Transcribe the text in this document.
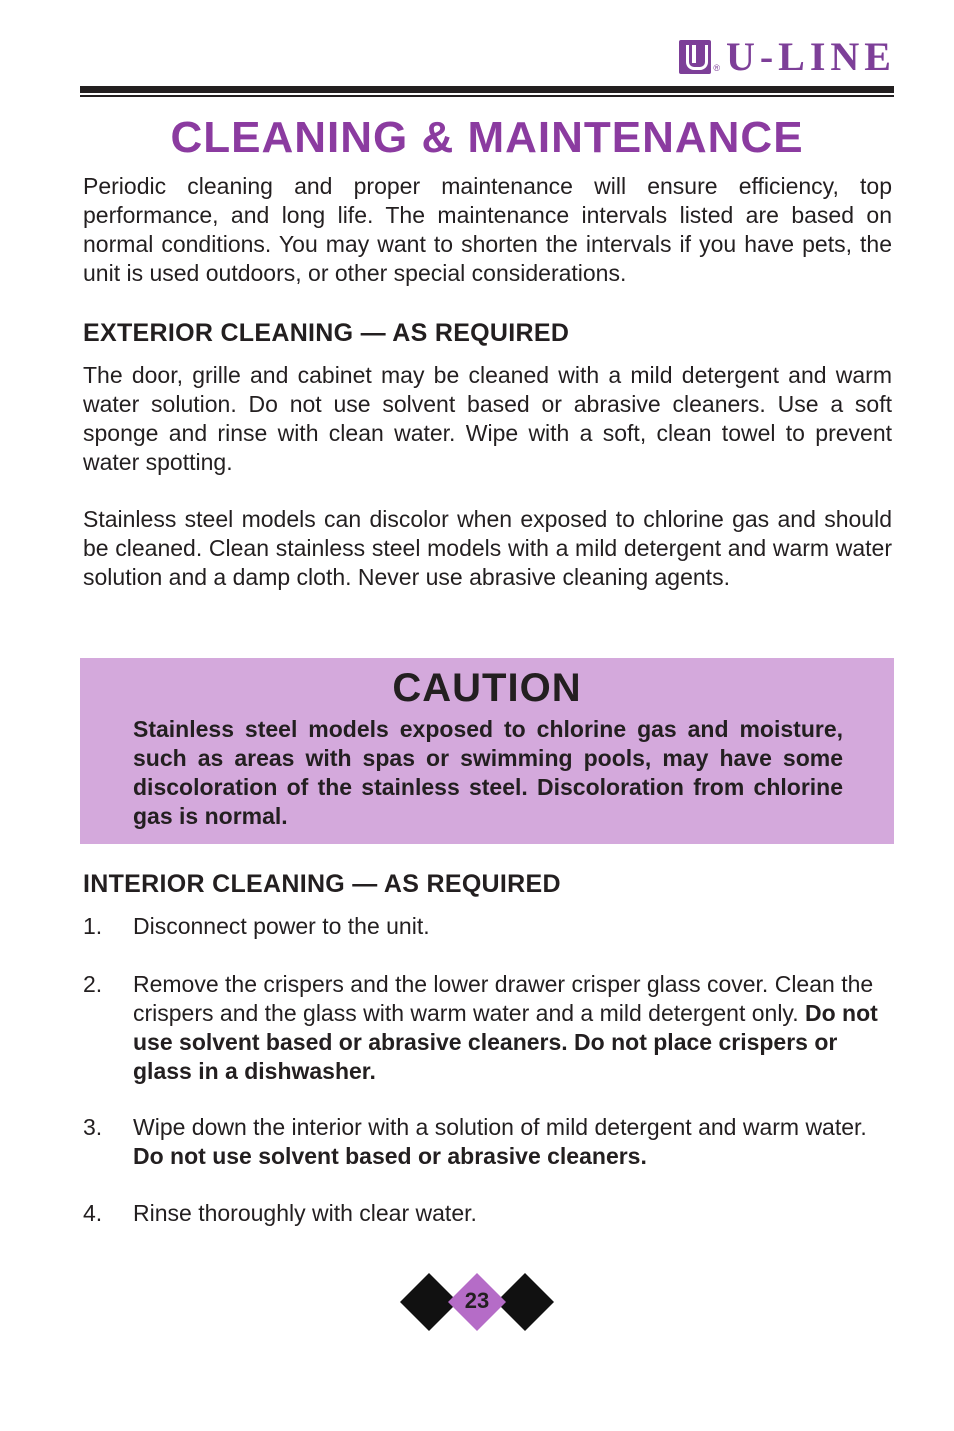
® U-LINE
CLEANING & MAINTENANCE

Periodic cleaning and proper maintenance will ensure efficiency, top performance, and long life. The maintenance intervals listed are based on normal conditions. You may want to shorten the intervals if you have pets, the unit is used outdoors, or other special considerations.

EXTERIOR CLEANING — AS REQUIRED

The door, grille and cabinet may be cleaned with a mild detergent and warm water solution. Do not use solvent based or abrasive cleaners. Use a soft sponge and rinse with clean water. Wipe with a soft, clean towel to prevent water spotting.

Stainless steel models can discolor when exposed to chlorine gas and should be cleaned. Clean stainless steel models with a mild detergent and warm water solution and a damp cloth. Never use abrasive cleaning agents.

CAUTION

Stainless steel models exposed to chlorine gas and moisture, such as areas with spas or swimming pools, may have some discoloration of the stainless steel. Discoloration from chlorine gas is normal.

INTERIOR CLEANING — AS REQUIRED
1. Disconnect power to the unit.
2. Remove the crispers and the lower drawer crisper glass cover. Clean the crispers and the glass with warm water and a mild detergent only. Do not use solvent based or abrasive cleaners. Do not place crispers or glass in a dishwasher.
3. Wipe down the interior with a solution of mild detergent and warm water. Do not use solvent based or abrasive cleaners.
4. Rinse thoroughly with clear water.
23
